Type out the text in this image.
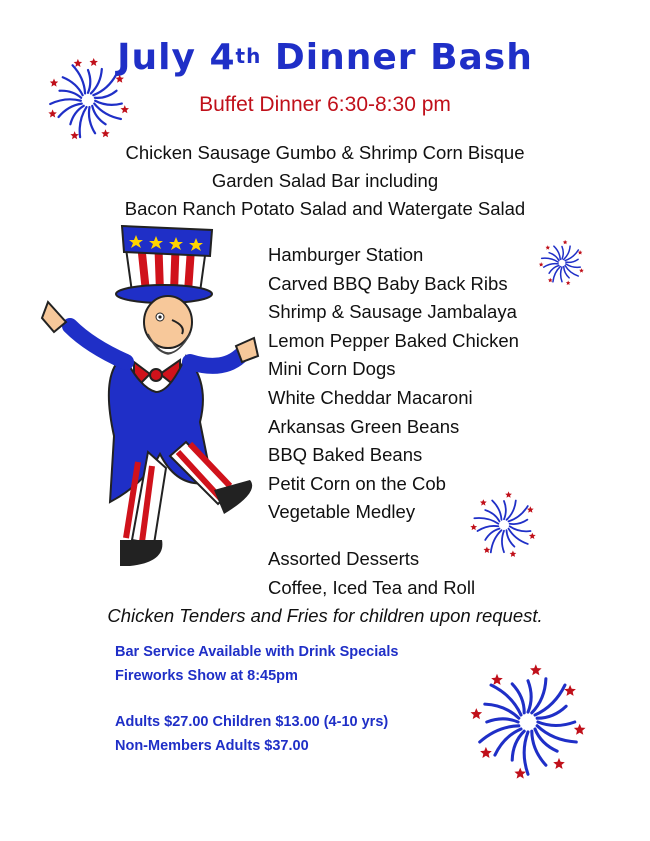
July 4th Dinner Bash
Buffet Dinner 6:30-8:30 pm
Chicken Sausage Gumbo & Shrimp Corn Bisque
Garden Salad Bar including
Bacon Ranch Potato Salad and Watergate Salad
Hamburger Station
Carved BBQ Baby Back Ribs
Shrimp & Sausage Jambalaya
Lemon Pepper Baked Chicken
Mini Corn Dogs
White Cheddar Macaroni
Arkansas Green Beans
BBQ Baked Beans
Petit Corn on the Cob
Vegetable Medley
Assorted Desserts
Coffee, Iced Tea and Roll
Chicken Tenders and Fries for children upon request.
Bar Service Available with Drink Specials
Fireworks Show at 8:45pm
Adults $27.00 Children $13.00 (4-10 yrs)
Non-Members Adults $37.00
